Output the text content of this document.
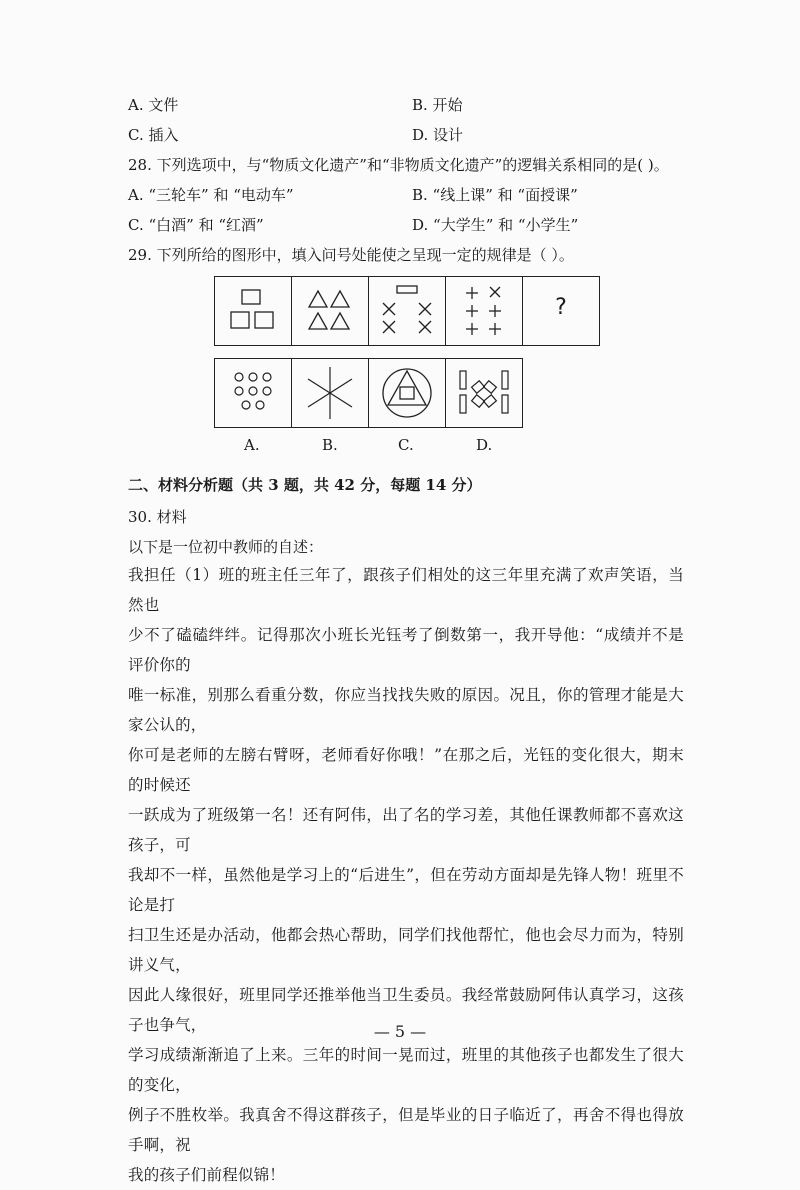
A. 文件	B. 开始
C. 插入	D. 设计
28. 下列选项中，与“物质文化遗产”和“非物质文化遗产”的逻辑关系相同的是( )。
A. “三轮车” 和 “电动车”	B. “线上课” 和 “面授课”
C. “白酒” 和 “红酒”	D. “大学生” 和 “小学生”
29. 下列所给的图形中，填入问号处能使之呈现一定的规律是（ ）。
?
A.	B.	C.	D.
二、材料分析题（共 3 题，共 42 分，每题 14 分）
30. 材料
以下是一位初中教师的自述：
我担任（1）班的班主任三年了，跟孩子们相处的这三年里充满了欢声笑语，当然也
少不了磕磕绊绊。记得那次小班长光钰考了倒数第一，我开导他：“成绩并不是评价你的
唯一标准，别那么看重分数，你应当找找失败的原因。况且，你的管理才能是大家公认的，
你可是老师的左膀右臂呀，老师看好你哦！”在那之后，光钰的变化很大，期末的时候还
一跃成为了班级第一名！还有阿伟，出了名的学习差，其他任课教师都不喜欢这孩子，可
我却不一样，虽然他是学习上的“后进生”，但在劳动方面却是先锋人物！班里不论是打
扫卫生还是办活动，他都会热心帮助，同学们找他帮忙，他也会尽力而为，特别讲义气，
因此人缘很好，班里同学还推举他当卫生委员。我经常鼓励阿伟认真学习，这孩子也争气，
学习成绩渐渐追了上来。三年的时间一晃而过，班里的其他孩子也都发生了很大的变化，
例子不胜枚举。我真舍不得这群孩子，但是毕业的日子临近了，再舍不得也得放手啊，祝
我的孩子们前程似锦！
— 5 —
